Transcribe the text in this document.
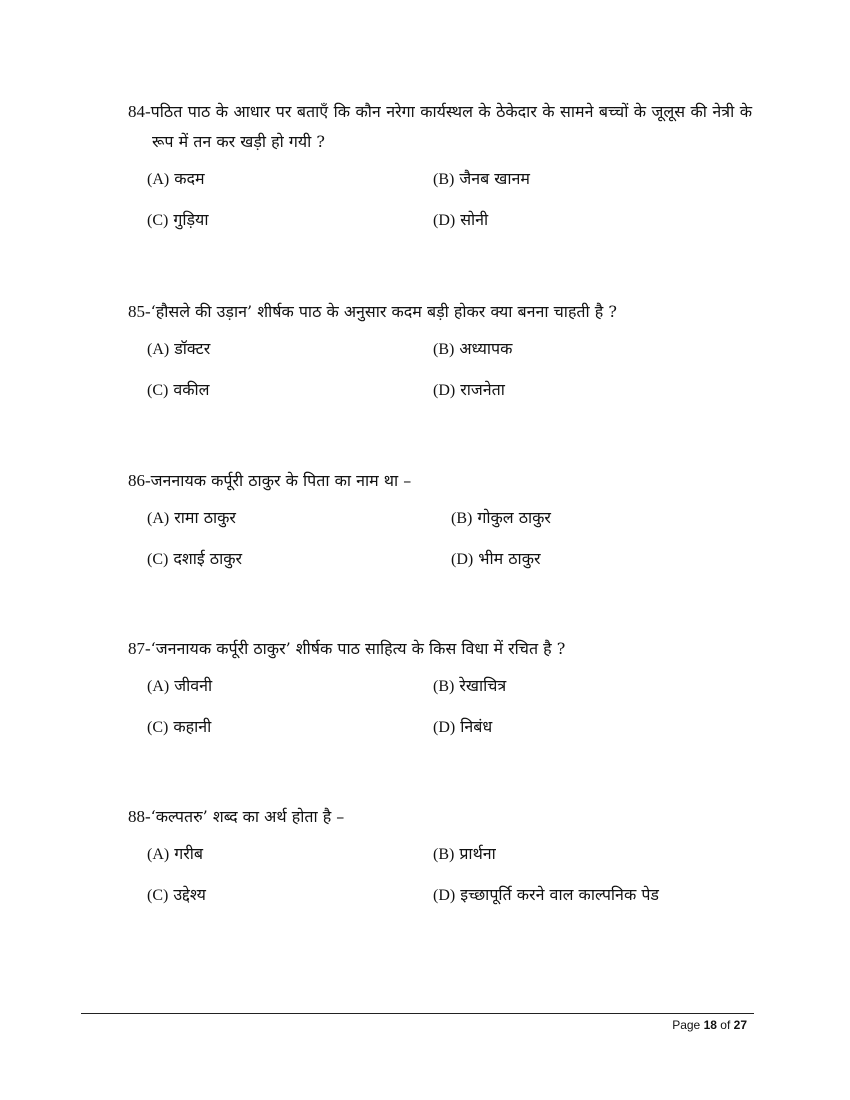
84-पठित पाठ के आधार पर बताएँ कि कौन नरेगा कार्यस्थल के ठेकेदार के सामने बच्चों के जूलूस की नेत्री के रूप में तन कर खड़ी हो गयी ?
(A) कदम	(B) जैनब खानम
(C) गुड़िया	(D) सोनी
85-‘हौसले की उड़ान’ शीर्षक पाठ के अनुसार कदम बड़ी होकर क्या बनना चाहती है ?
(A) डॉक्टर	(B) अध्यापक
(C) वकील	(D) राजनेता
86-जननायक कर्पूरी ठाकुर के पिता का नाम था –
(A) रामा ठाकुर	(B) गोकुल ठाकुर
(C) दशाई ठाकुर	(D) भीम ठाकुर
87-‘जननायक कर्पूरी ठाकुर’ शीर्षक पाठ साहित्य के किस विधा में रचित है ?
(A) जीवनी	(B) रेखाचित्र
(C) कहानी	(D) निबंध
88-‘कल्पतरु’ शब्द का अर्थ होता है –
(A) गरीब	(B) प्रार्थना
(C) उद्देश्य	(D) इच्छापूर्ति करने वाल काल्पनिक पेड
Page 18 of 27
